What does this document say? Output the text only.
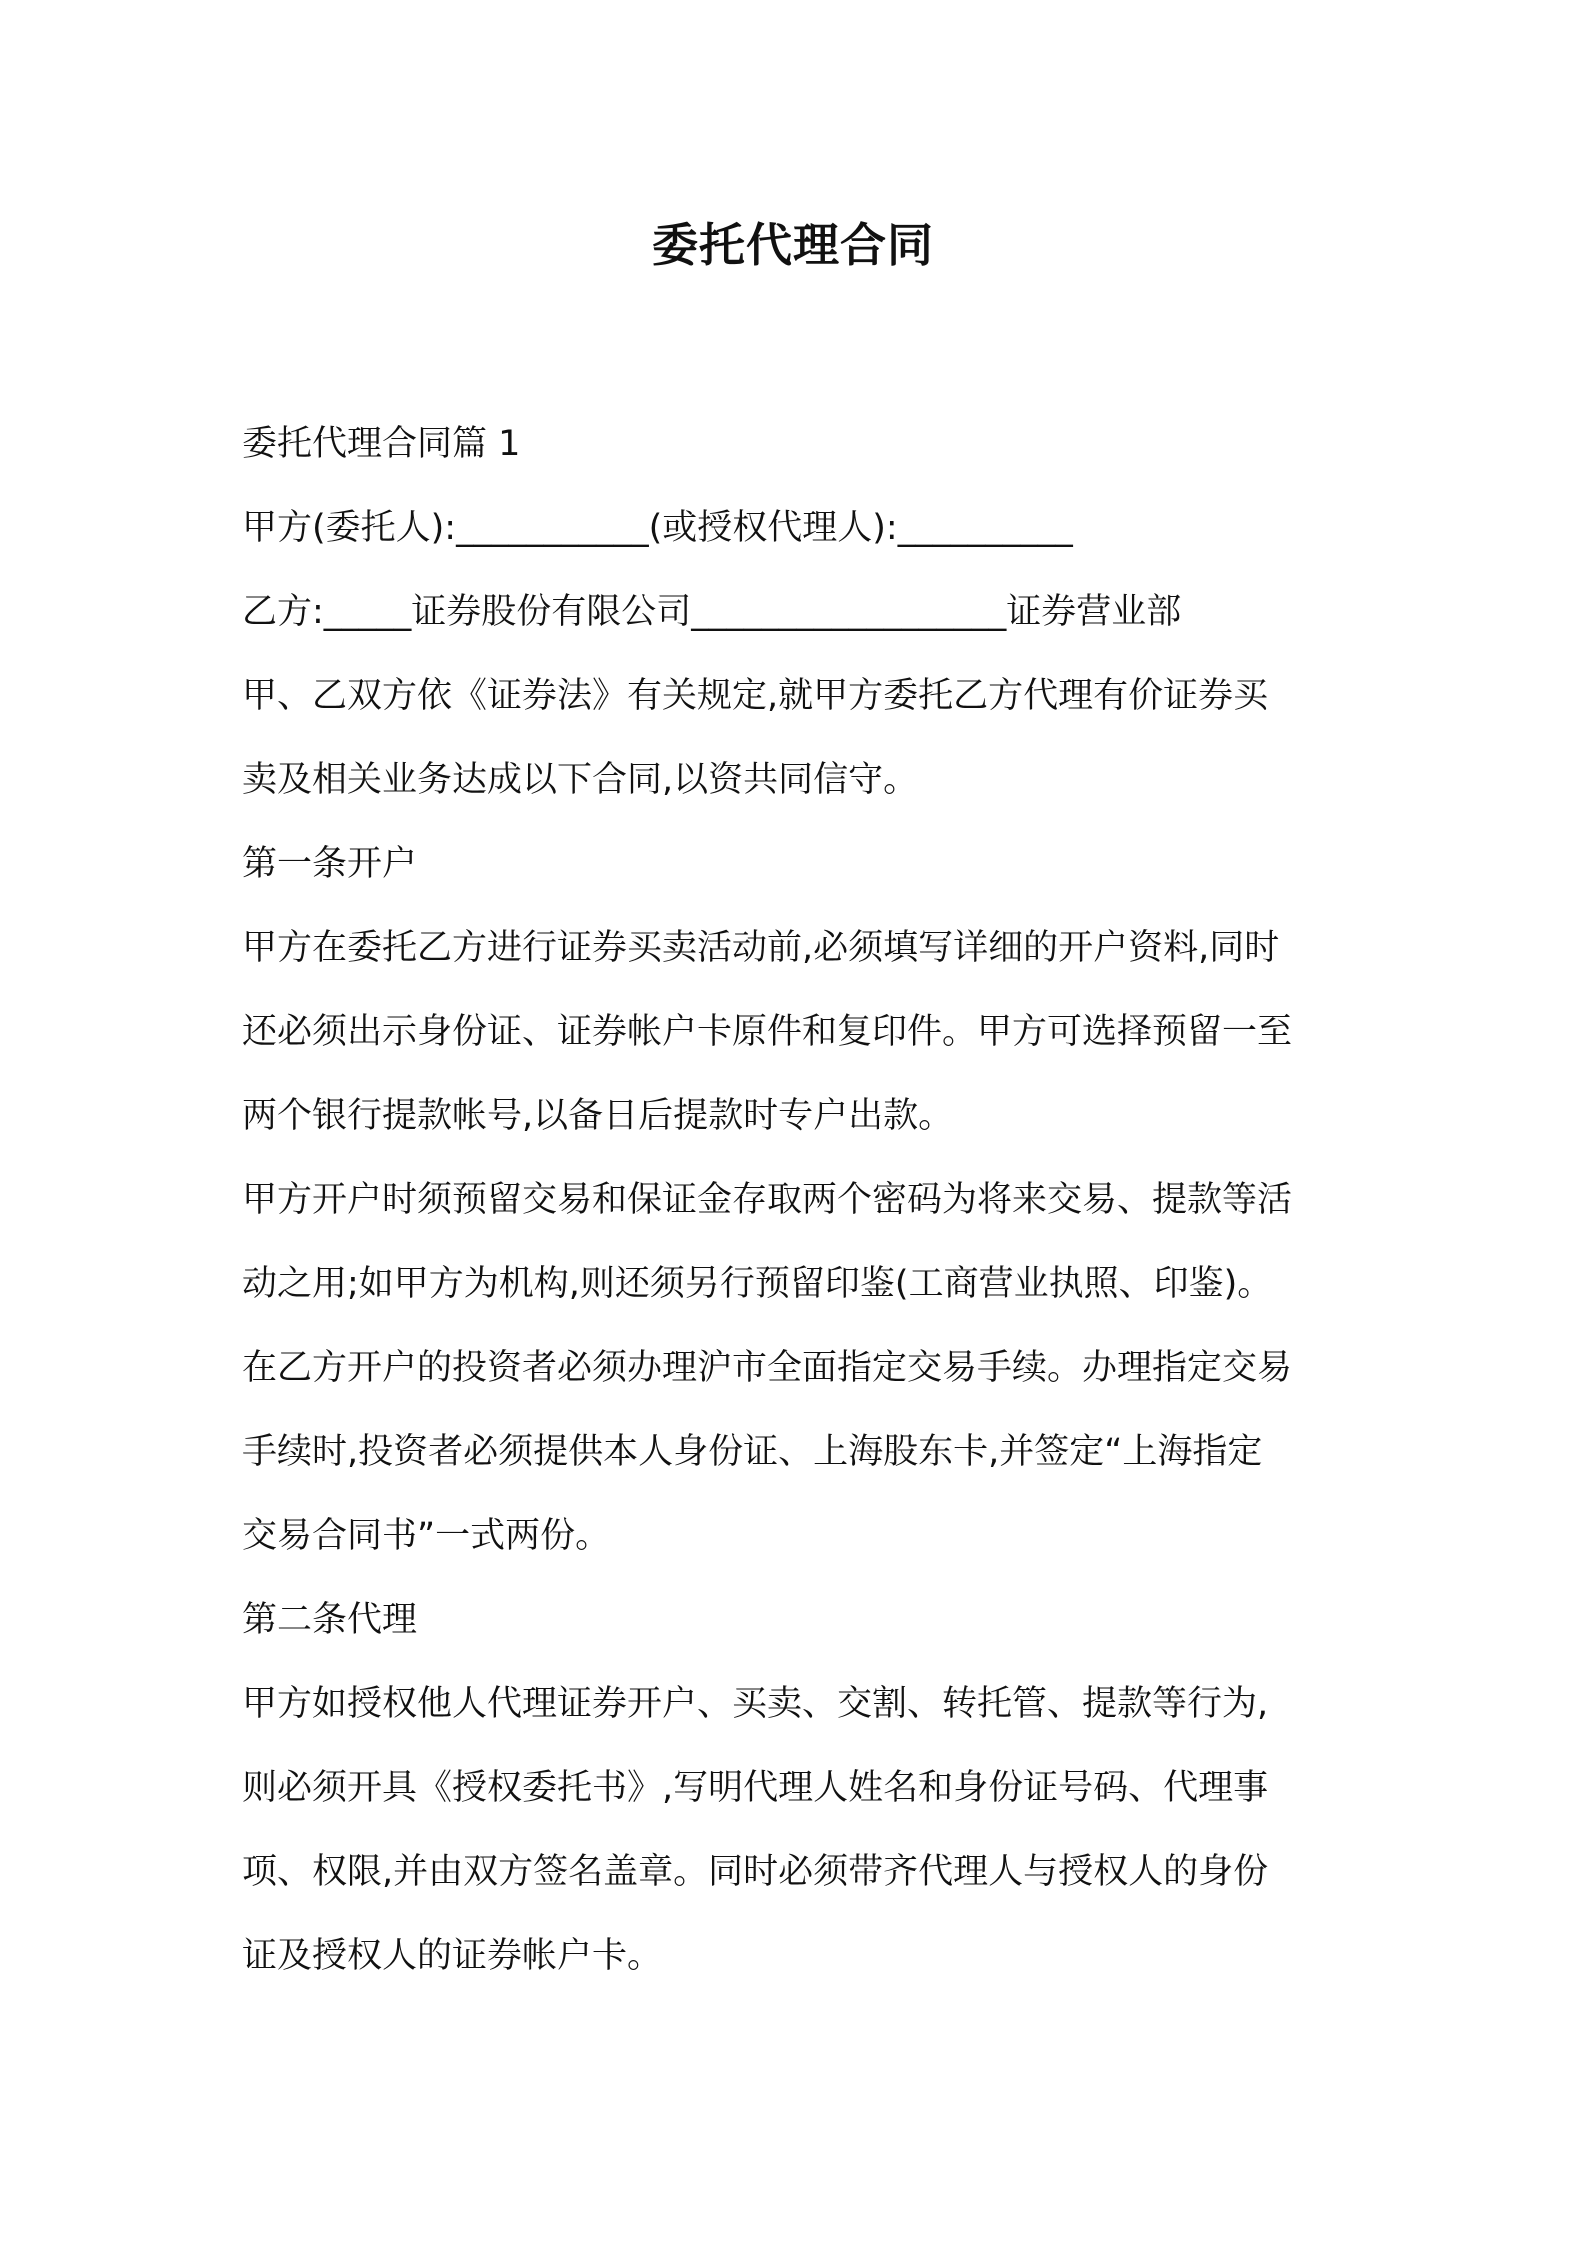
委托代理合同

委托代理合同篇 1

甲方(委托人):___________(或授权代理人):__________

乙方:_____证券股份有限公司__________________证券营业部

甲、乙双方依《证券法》有关规定,就甲方委托乙方代理有价证券买
卖及相关业务达成以下合同,以资共同信守。

第一条开户

甲方在委托乙方进行证券买卖活动前,必须填写详细的开户资料,同时
还必须出示身份证、证券帐户卡原件和复印件。甲方可选择预留一至
两个银行提款帐号,以备日后提款时专户出款。

甲方开户时须预留交易和保证金存取两个密码为将来交易、提款等活
动之用;如甲方为机构,则还须另行预留印鉴(工商营业执照、印鉴)。

在乙方开户的投资者必须办理沪市全面指定交易手续。办理指定交易
手续时,投资者必须提供本人身份证、上海股东卡,并签定“上海指定
交易合同书”一式两份。

第二条代理

甲方如授权他人代理证券开户、买卖、交割、转托管、提款等行为,
则必须开具《授权委托书》,写明代理人姓名和身份证号码、代理事
项、权限,并由双方签名盖章。同时必须带齐代理人与授权人的身份
证及授权人的证券帐户卡。
